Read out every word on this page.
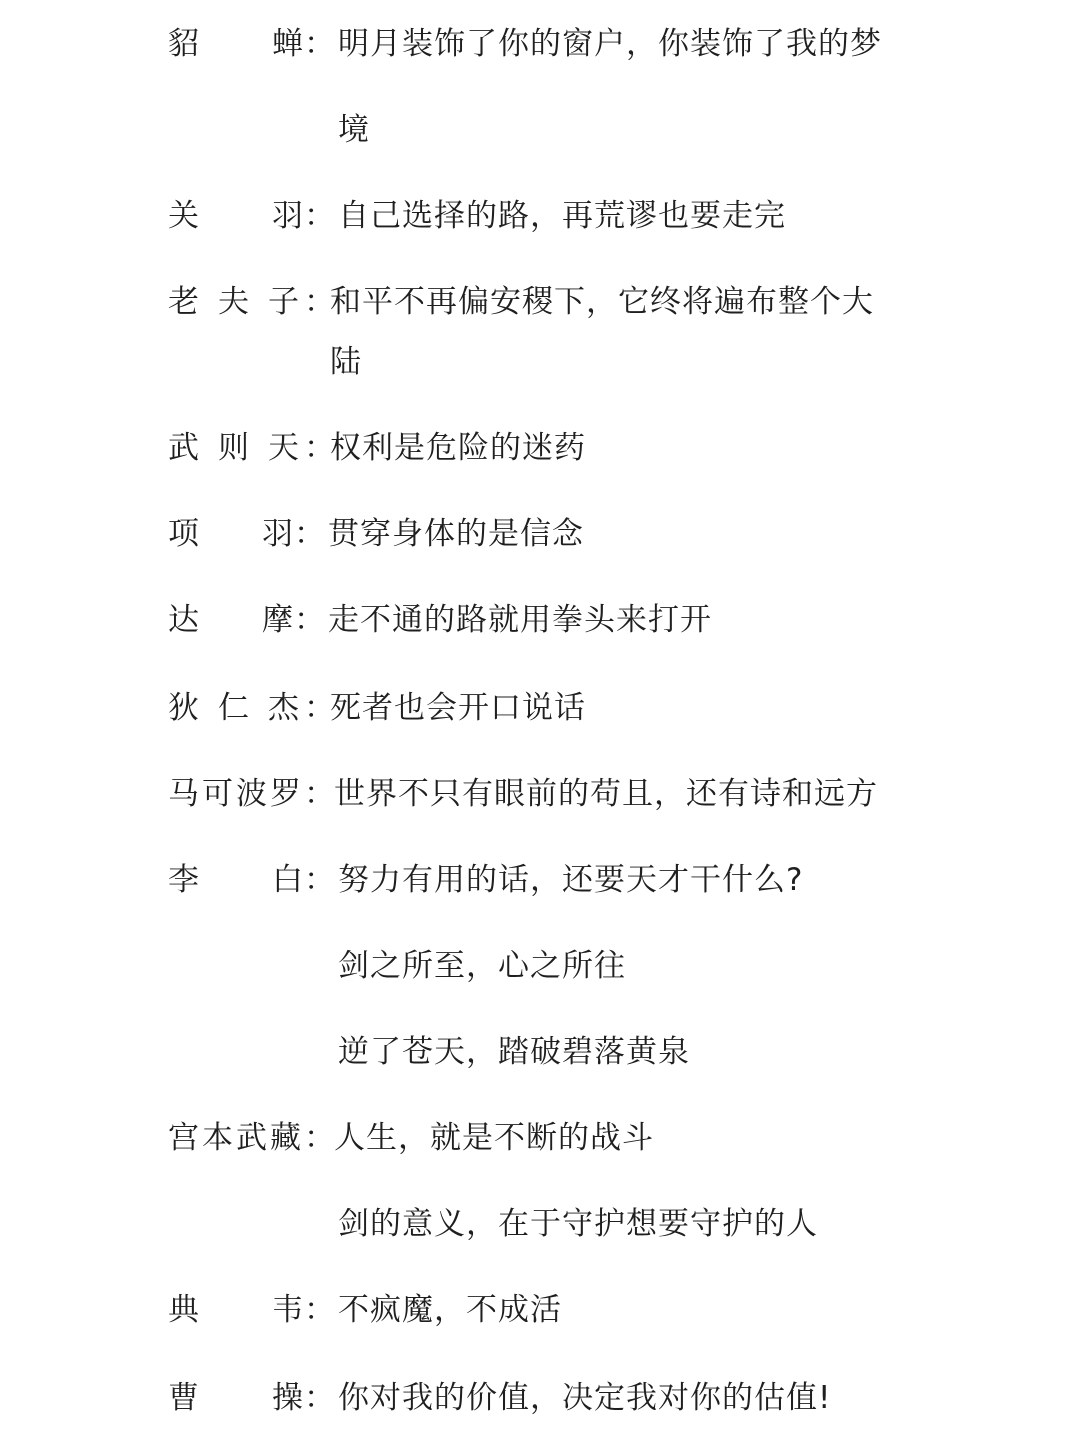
貂 蝉 ： 明月装饰了你的窗户，你装饰了我的梦
境
关 羽 ： 自己选择的路，再荒谬也要走完
老 夫 子 ：
和平不再偏安稷下，它终将遍布整个大
陆
武 则 天 ：
权利是危险的迷药
项 羽 ： 贯穿身体的是信念
达 摩 ： 走不通的路就用拳头来打开
狄 仁 杰 ：
死者也会开口说话
马 可 波 罗 ：
世界不只有眼前的苟且，还有诗和远方
李 白 ： 努力有用的话，还要天才干什么?
剑之所至，心之所往
逆了苍天，踏破碧落黄泉
宫 本 武 藏 ：
人生，就是不断的战斗
剑的意义，在于守护想要守护的人
典 韦 ： 不疯魔，不成活
曹 操 ： 你对我的价值，决定我对你的估值!
